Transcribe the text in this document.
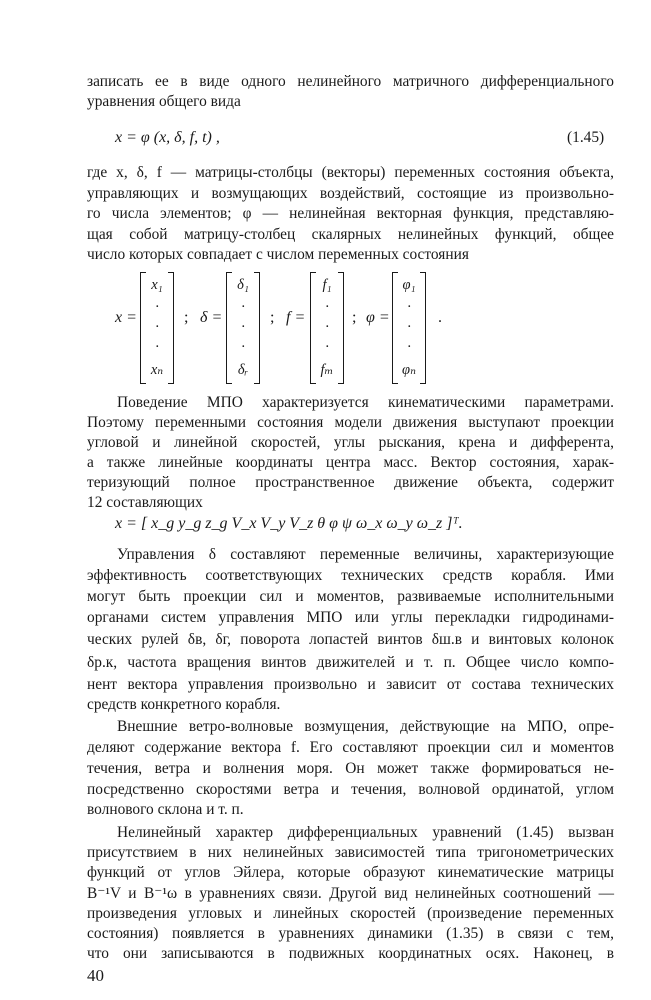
записать ее в виде одного нелинейного матричного дифференциального
уравнения общего вида
x = φ (x, δ, f, t) ,	(1.45)
где x, δ, f — матрицы-столбцы (векторы) переменных состояния объекта,
управляющих и возмущающих воздействий, состоящие из произвольно-
го числа элементов; φ — нелинейная векторная функция, представляю-
щая собой матрицу-столбец скалярных нелинейных функций, общее
число которых совпадает с числом переменных состояния
x =
x₁
·
·
·
xₙ
; δ =
δ₁
·
·
·
δᵣ
; f =
f₁
·
·
·
fₘ
; φ =
φ₁
·
·
·
φₙ
.
Поведение МПО характеризуется кинематическими параметрами.
Поэтому переменными состояния модели движения выступают проекции
угловой и линейной скоростей, углы рыскания, крена и дифферента,
а также линейные координаты центра масс. Вектор состояния, харак-
теризующий полное пространственное движение объекта, содержит
12 составляющих
x = [ x_g y_g z_g V_x V_y V_z θ φ ψ ω_x ω_y ω_z ]ᵀ.
Управления δ составляют переменные величины, характеризующие
эффективность соответствующих технических средств корабля. Ими
могут быть проекции сил и моментов, развиваемые исполнительными
органами систем управления МПО или углы перекладки гидродинами-
ческих рулей δв, δг, поворота лопастей винтов δш.в и винтовых колонок
δр.к, частота вращения винтов движителей и т. п. Общее число компо-
нент вектора управления произвольно и зависит от состава технических
средств конкретного корабля.
Внешние ветро-волновые возмущения, действующие на МПО, опре-
деляют содержание вектора f. Его составляют проекции сил и моментов
течения, ветра и волнения моря. Он может также формироваться не-
посредственно скоростями ветра и течения, волновой ординатой, углом
волнового склона и т. п.
Нелинейный характер дифференциальных уравнений (1.45) вызван
присутствием в них нелинейных зависимостей типа тригонометрических
функций от углов Эйлера, которые образуют кинематические матрицы
B⁻¹V и B⁻¹ω в уравнениях связи. Другой вид нелинейных соотношений —
произведения угловых и линейных скоростей (произведение переменных
состояния) появляется в уравнениях динамики (1.35) в связи с тем,
что они записываются в подвижных координатных осях. Наконец, в
40
